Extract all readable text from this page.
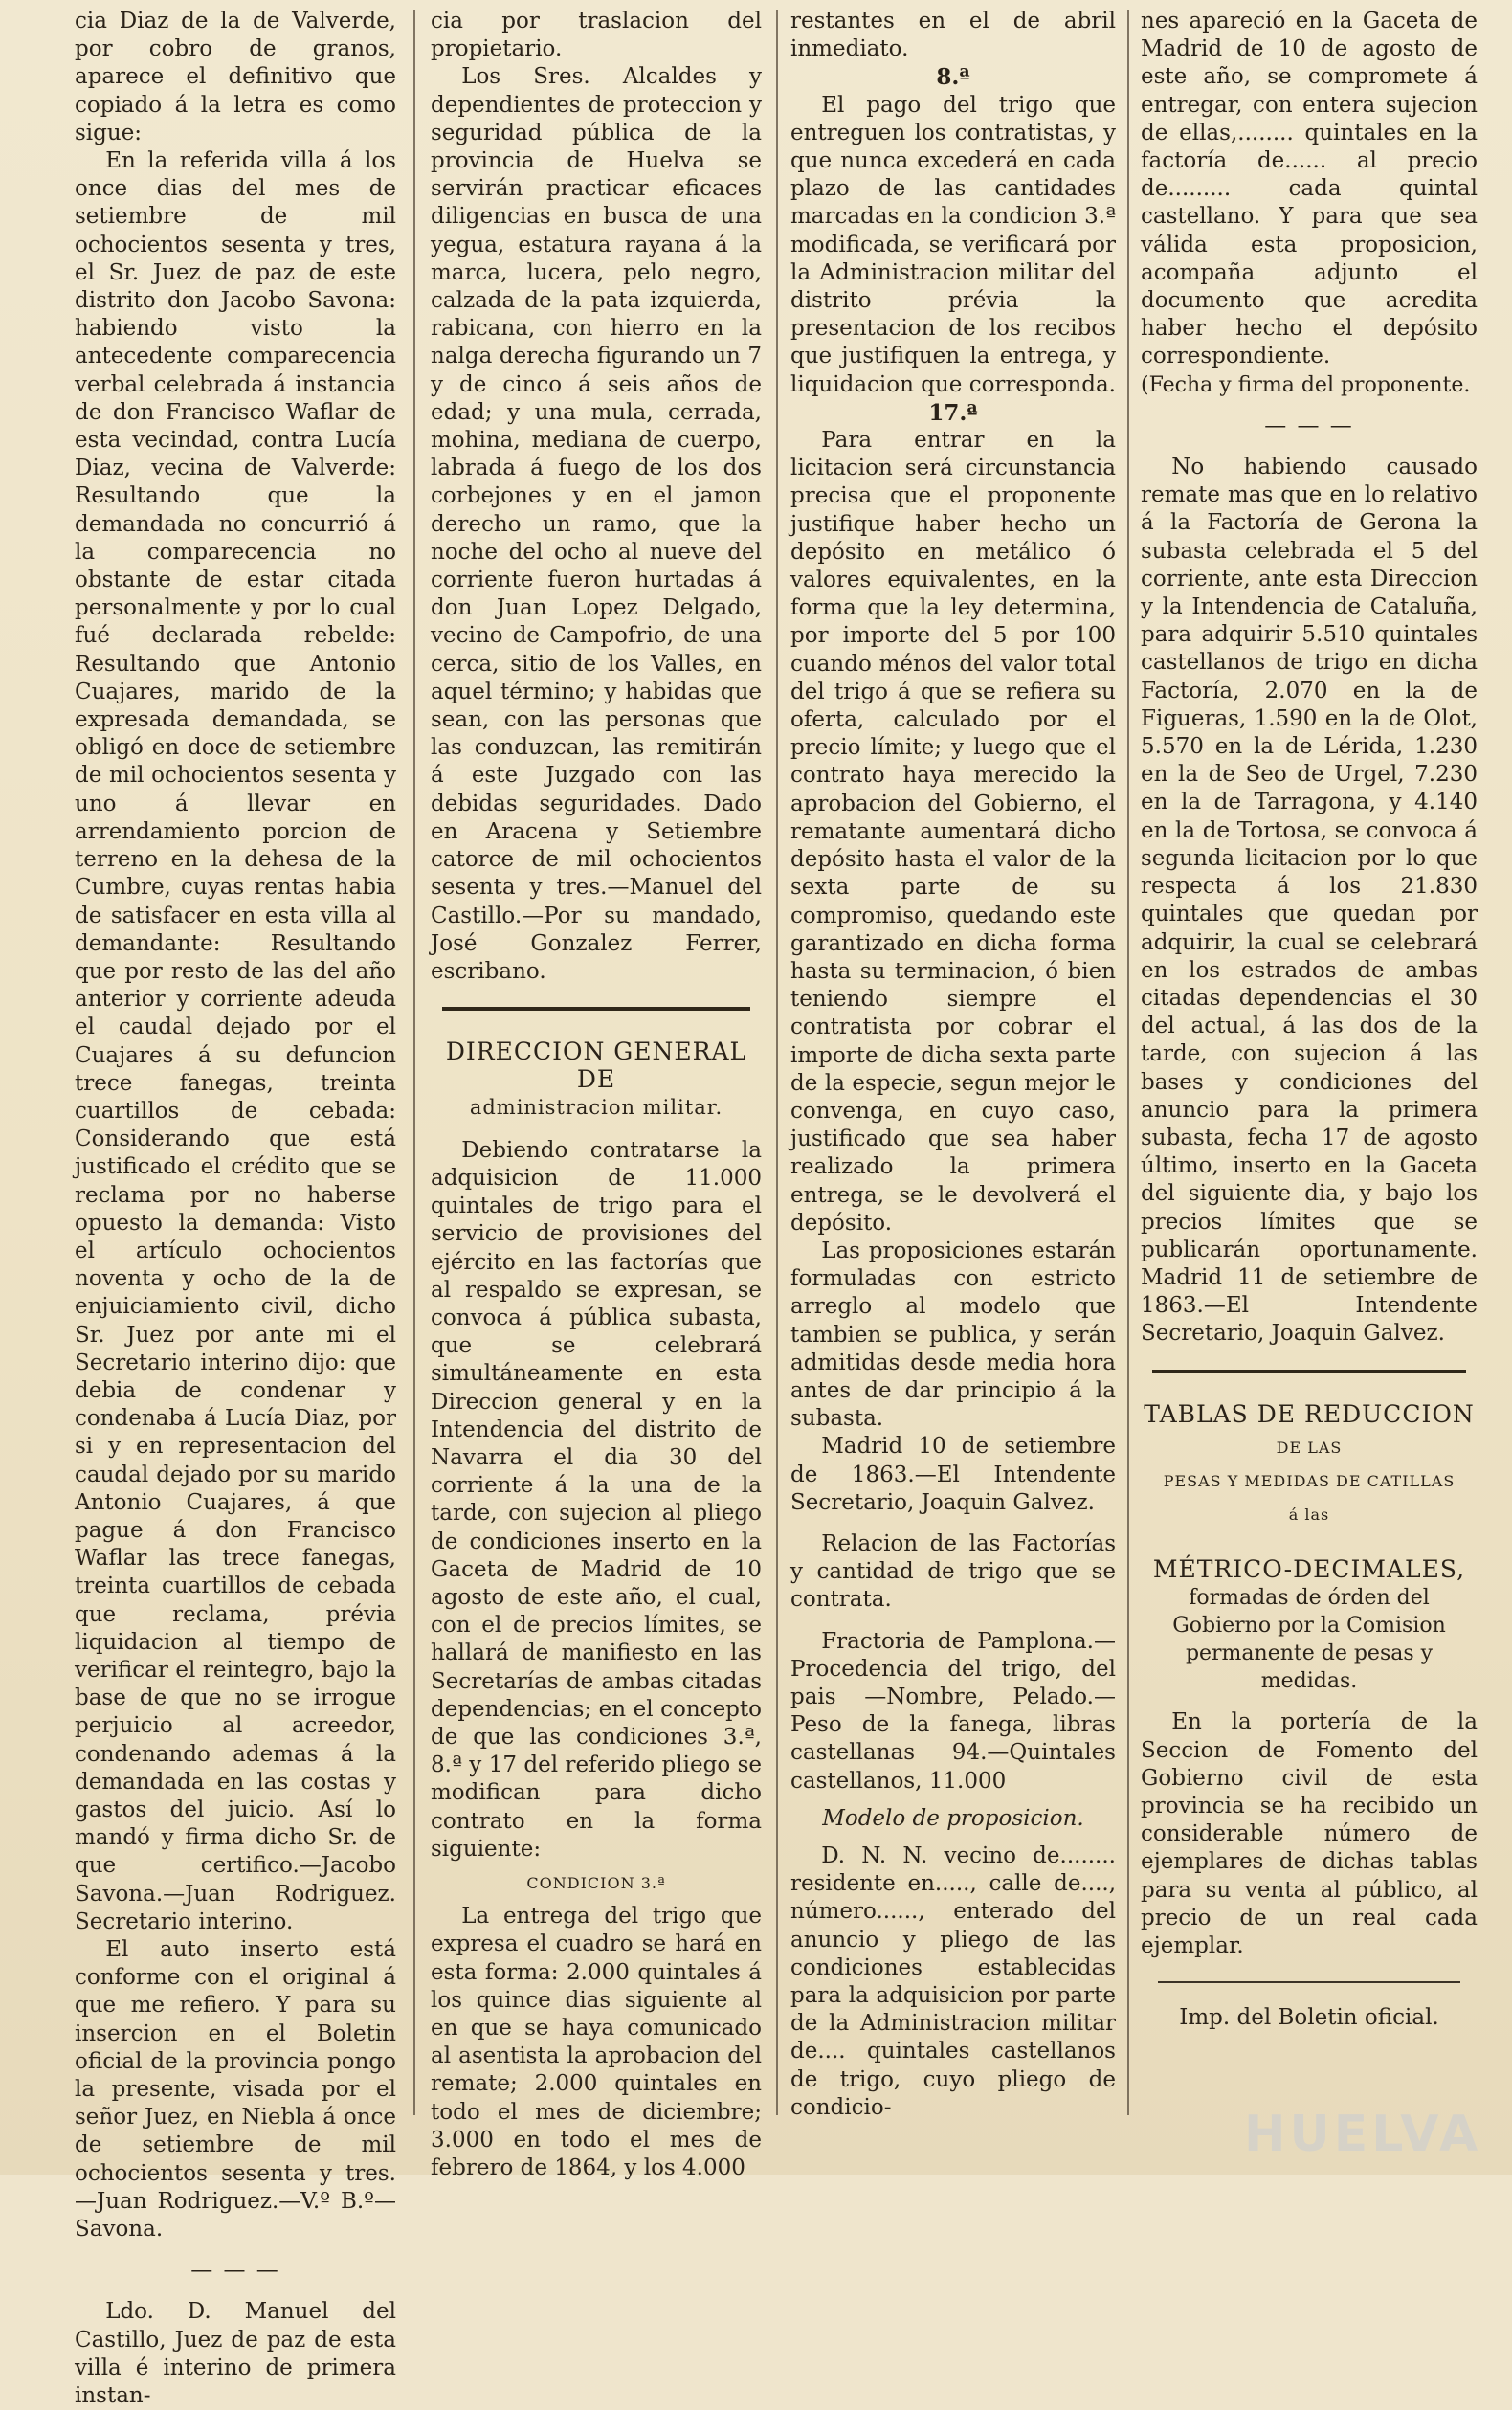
cia Diaz de la de Valverde, por cobro de granos, aparece el definitivo que copiado á la letra es como sigue:

En la referida villa á los once dias del mes de setiembre de mil ochocientos sesenta y tres, el Sr. Juez de paz de este distrito don Jacobo Savona: habiendo visto la antecedente comparecencia verbal celebrada á instancia de don Francisco Waflar de esta vecindad, contra Lucía Diaz, vecina de Valverde: Resultando que la demandada no concurrió á la comparecencia no obstante de estar citada personalmente y por lo cual fué declarada rebelde: Resultando que Antonio Cuajares, marido de la expresada demandada, se obligó en doce de setiembre de mil ochocientos sesenta y uno á llevar en arrendamiento porcion de terreno en la dehesa de la Cumbre, cuyas rentas habia de satisfacer en esta villa al demandante: Resultando que por resto de las del año anterior y corriente adeuda el caudal dejado por el Cuajares á su defuncion trece fanegas, treinta cuartillos de cebada: Considerando que está justificado el crédito que se reclama por no haberse opuesto la demanda: Visto el artículo ochocientos noventa y ocho de la de enjuiciamiento civil, dicho Sr. Juez por ante mi el Secretario interino dijo: que debia de condenar y condenaba á Lucía Diaz, por si y en representacion del caudal dejado por su marido Antonio Cuajares, á que pague á don Francisco Waflar las trece fanegas, treinta cuartillos de cebada que reclama, prévia liquidacion al tiempo de verificar el reintegro, bajo la base de que no se irrogue perjuicio al acreedor, condenando ademas á la demandada en las costas y gastos del juicio. Así lo mandó y firma dicho Sr. de que certifico.—Jacobo Savona.—Juan Rodriguez. Secretario interino.

El auto inserto está conforme con el original á que me refiero. Y para su insercion en el Boletin oficial de la provincia pongo la presente, visada por el señor Juez, en Niebla á once de setiembre de mil ochocientos sesenta y tres. —Juan Rodriguez.—V.º B.º—Savona.

— — —

Ldo. D. Manuel del Castillo, Juez de paz de esta villa é interino de primera instan-

cia por traslacion del propietario.

Los Sres. Alcaldes y dependientes de proteccion y seguridad pública de la provincia de Huelva se servirán practicar eficaces diligencias en busca de una yegua, estatura rayana á la marca, lucera, pelo negro, calzada de la pata izquierda, rabicana, con hierro en la nalga derecha figurando un 7 y de cinco á seis años de edad; y una mula, cerrada, mohina, mediana de cuerpo, labrada á fuego de los dos corbejones y en el jamon derecho un ramo, que la noche del ocho al nueve del corriente fueron hurtadas á don Juan Lopez Delgado, vecino de Campofrio, de una cerca, sitio de los Valles, en aquel término; y habidas que sean, con las personas que las conduzcan, las remitirán á este Juzgado con las debidas seguridades. Dado en Aracena y Setiembre catorce de mil ochocientos sesenta y tres.—Manuel del Castillo.—Por su mandado, José Gonzalez Ferrer, escribano.

DIRECCION GENERAL DE

administracion militar.

Debiendo contratarse la adquisicion de 11.000 quintales de trigo para el servicio de provisiones del ejército en las factorías que al respaldo se expresan, se convoca á pública subasta, que se celebrará simultáneamente en esta Direccion general y en la Intendencia del distrito de Navarra el dia 30 del corriente á la una de la tarde, con sujecion al pliego de condiciones inserto en la Gaceta de Madrid de 10 agosto de este año, el cual, con el de precios límites, se hallará de manifiesto en las Secretarías de ambas citadas dependencias; en el concepto de que las condiciones 3.ª, 8.ª y 17 del referido pliego se modifican para dicho contrato en la forma siguiente:

CONDICION 3.ª

La entrega del trigo que expresa el cuadro se hará en esta forma: 2.000 quintales á los quince dias siguiente al en que se haya comunicado al asentista la aprobacion del remate; 2.000 quintales en todo el mes de diciembre; 3.000 en todo el mes de febrero de 1864, y los 4.000

restantes en el de abril inmediato.

8.ª

El pago del trigo que entreguen los contratistas, y que nunca excederá en cada plazo de las cantidades marcadas en la condicion 3.ª modificada, se verificará por la Administracion militar del distrito prévia la presentacion de los recibos que justifiquen la entrega, y liquidacion que corresponda.

17.ª

Para entrar en la licitacion será circunstancia precisa que el proponente justifique haber hecho un depósito en metálico ó valores equivalentes, en la forma que la ley determina, por importe del 5 por 100 cuando ménos del valor total del trigo á que se refiera su oferta, calculado por el precio límite; y luego que el contrato haya merecido la aprobacion del Gobierno, el rematante aumentará dicho depósito hasta el valor de la sexta parte de su compromiso, quedando este garantizado en dicha forma hasta su terminacion, ó bien teniendo siempre el contratista por cobrar el importe de dicha sexta parte de la especie, segun mejor le convenga, en cuyo caso, justificado que sea haber realizado la primera entrega, se le devolverá el depósito.

Las proposiciones estarán formuladas con estricto arreglo al modelo que tambien se publica, y serán admitidas desde media hora antes de dar principio á la subasta.

Madrid 10 de setiembre de 1863.—El Intendente Secretario, Joaquin Galvez.

Relacion de las Factorías y cantidad de trigo que se contrata.

Fractoria de Pamplona.—Procedencia del trigo, del pais —Nombre, Pelado.—Peso de la fanega, libras castellanas 94.—Quintales castellanos, 11.000

Modelo de proposicion.

D. N. N. vecino de........ residente en....., calle de...., número......, enterado del anuncio y pliego de las condiciones establecidas para la adquisicion por parte de la Administracion militar de.... quintales castellanos de trigo, cuyo pliego de condicio-

nes apareció en la Gaceta de Madrid de 10 de agosto de este año, se compromete á entregar, con entera sujecion de ellas,........ quintales en la factoría de...... al precio de......... cada quintal castellano. Y para que sea válida esta proposicion, acompaña adjunto el documento que acredita haber hecho el depósito correspondiente.

(Fecha y firma del proponente.

— — —

No habiendo causado remate mas que en lo relativo á la Factoría de Gerona la subasta celebrada el 5 del corriente, ante esta Direccion y la Intendencia de Cataluña, para adquirir 5.510 quintales castellanos de trigo en dicha Factoría, 2.070 en la de Figueras, 1.590 en la de Olot, 5.570 en la de Lérida, 1.230 en la de Seo de Urgel, 7.230 en la de Tarragona, y 4.140 en la de Tortosa, se convoca á segunda licitacion por lo que respecta á los 21.830 quintales que quedan por adquirir, la cual se celebrará en los estrados de ambas citadas dependencias el 30 del actual, á las dos de la tarde, con sujecion á las bases y condiciones del anuncio para la primera subasta, fecha 17 de agosto último, inserto en la Gaceta del siguiente dia, y bajo los precios límites que se publicarán oportunamente. Madrid 11 de setiembre de 1863.—El Intendente Secretario, Joaquin Galvez.

TABLAS DE REDUCCION

DE LAS

PESAS Y MEDIDAS DE CATILLAS

á las

MÉTRICO-DECIMALES,

formadas de órden del Gobierno por la Comision permanente de pesas y medidas.

En la portería de la Seccion de Fomento del Gobierno civil de esta provincia se ha recibido un considerable número de ejemplares de dichas tablas para su venta al público, al precio de un real cada ejemplar.

Imp. del Boletin oficial.

HUELVA
